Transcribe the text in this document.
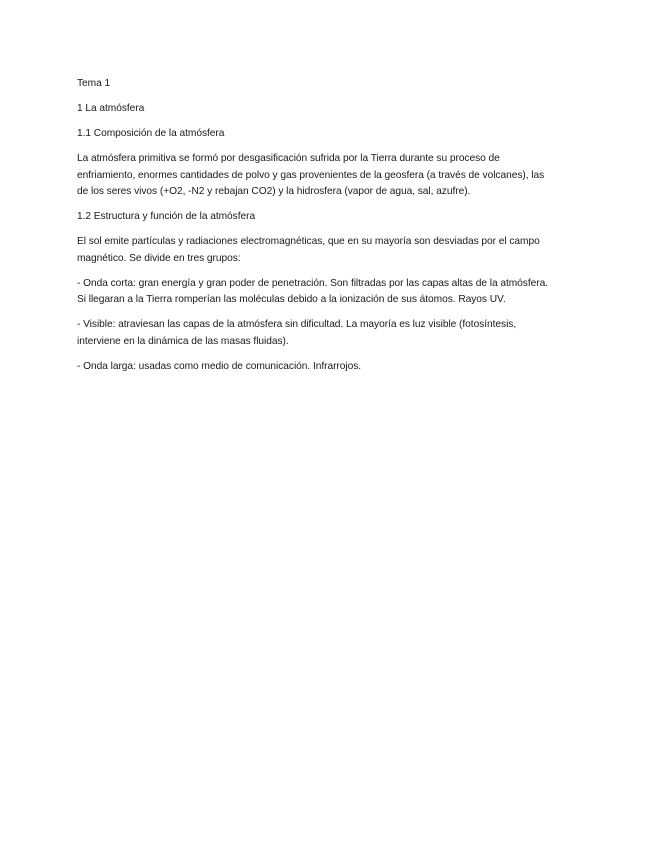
Tema 1
1 La atmósfera
1.1 Composición de la atmósfera
La atmósfera primitiva se formó por desgasificación sufrida por la Tierra durante su proceso de
enfriamiento, enormes cantidades de polvo y gas provenientes de la geosfera (a través de volcanes), las
de los seres vivos (+O2, -N2 y rebajan CO2) y la hidrosfera (vapor de agua, sal, azufre).
1.2 Estructura y función de la atmósfera
El sol emite partículas y radiaciones electromagnéticas, que en su mayoría son desviadas por el campo
magnético. Se divide en tres grupos:
- Onda corta: gran energía y gran poder de penetración. Son filtradas por las capas altas de la atmósfera.
Si llegaran a la Tierra romperían las moléculas debido a la ionización de sus átomos. Rayos UV.
- Visible: atraviesan las capas de la atmósfera sin dificultad. La mayoría es luz visible (fotosíntesis,
interviene en la dinámica de las masas fluidas).
- Onda larga: usadas como medio de comunicación. Infrarrojos.
